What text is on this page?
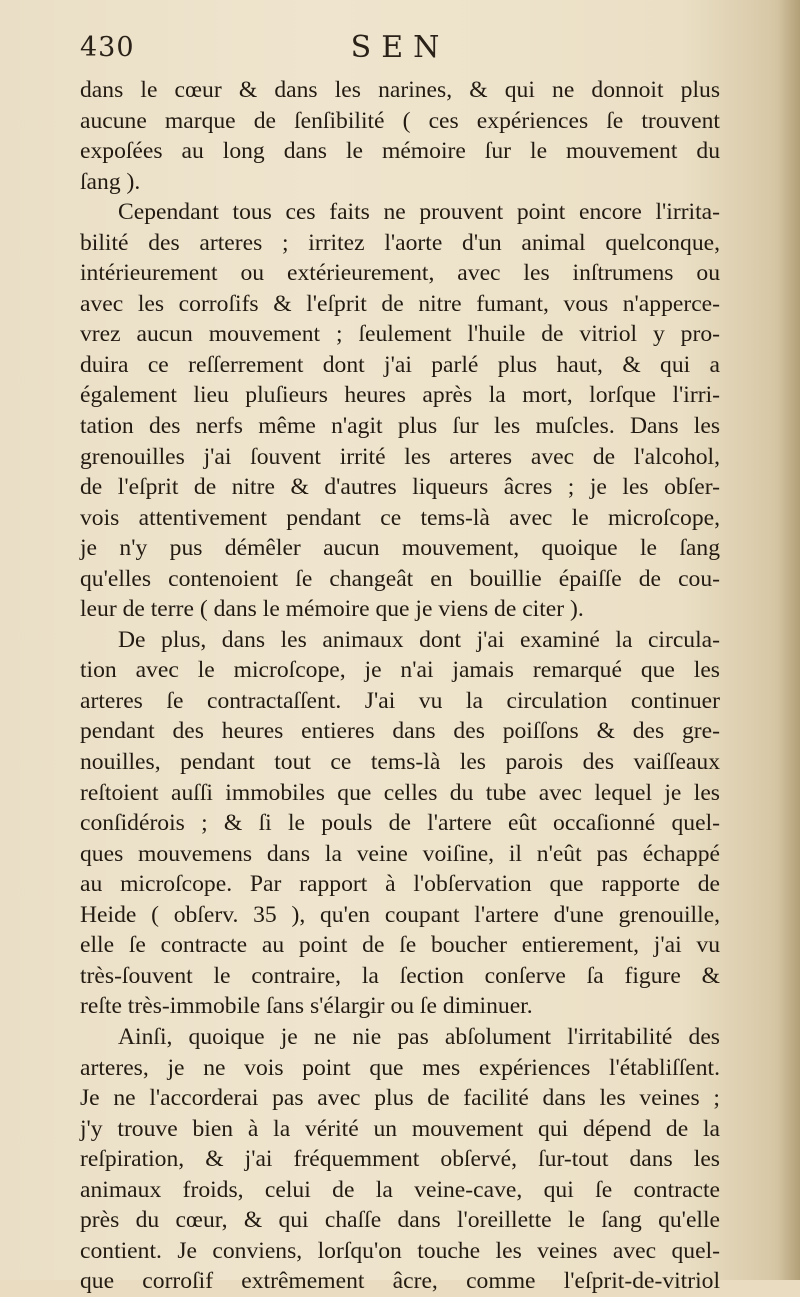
430	SEN
dans le cœur & dans les narines, & qui ne donnoit plus
aucune marque de ſenſibilité ( ces expériences ſe trouvent
expoſées au long dans le mémoire ſur le mouvement du
ſang ).
Cependant tous ces faits ne prouvent point encore l'irrita-
bilité des arteres ; irritez l'aorte d'un animal quelconque,
intérieurement ou extérieurement, avec les inſtrumens ou
avec les corroſifs & l'eſprit de nitre fumant, vous n'apperce-
vrez aucun mouvement ; ſeulement l'huile de vitriol y pro-
duira ce reſſerrement dont j'ai parlé plus haut, & qui a
également lieu pluſieurs heures après la mort, lorſque l'irri-
tation des nerfs même n'agit plus ſur les muſcles. Dans les
grenouilles j'ai ſouvent irrité les arteres avec de l'alcohol,
de l'eſprit de nitre & d'autres liqueurs âcres ; je les obſer-
vois attentivement pendant ce tems-là avec le microſcope,
je n'y pus démêler aucun mouvement, quoique le ſang
qu'elles contenoient ſe changeât en bouillie épaiſſe de cou-
leur de terre ( dans le mémoire que je viens de citer ).
De plus, dans les animaux dont j'ai examiné la circula-
tion avec le microſcope, je n'ai jamais remarqué que les
arteres ſe contractaſſent. J'ai vu la circulation continuer
pendant des heures entieres dans des poiſſons & des gre-
nouilles, pendant tout ce tems-là les parois des vaiſſeaux
reſtoient auſſi immobiles que celles du tube avec lequel je les
conſidérois ; & ſi le pouls de l'artere eût occaſionné quel-
ques mouvemens dans la veine voiſine, il n'eût pas échappé
au microſcope. Par rapport à l'obſervation que rapporte de
Heide ( obſerv. 35 ), qu'en coupant l'artere d'une grenouille,
elle ſe contracte au point de ſe boucher entierement, j'ai vu
très-ſouvent le contraire, la ſection conſerve ſa figure &
reſte très-immobile ſans s'élargir ou ſe diminuer.
Ainſi, quoique je ne nie pas abſolument l'irritabilité des
arteres, je ne vois point que mes expériences l'établiſſent.
Je ne l'accorderai pas avec plus de facilité dans les veines ;
j'y trouve bien à la vérité un mouvement qui dépend de la
reſpiration, & j'ai fréquemment obſervé, ſur-tout dans les
animaux froids, celui de la veine-cave, qui ſe contracte
près du cœur, & qui chaſſe dans l'oreillette le ſang qu'elle
contient. Je conviens, lorſqu'on touche les veines avec quel-
que corroſif extrêmement âcre, comme l'eſprit-de-vitriol
